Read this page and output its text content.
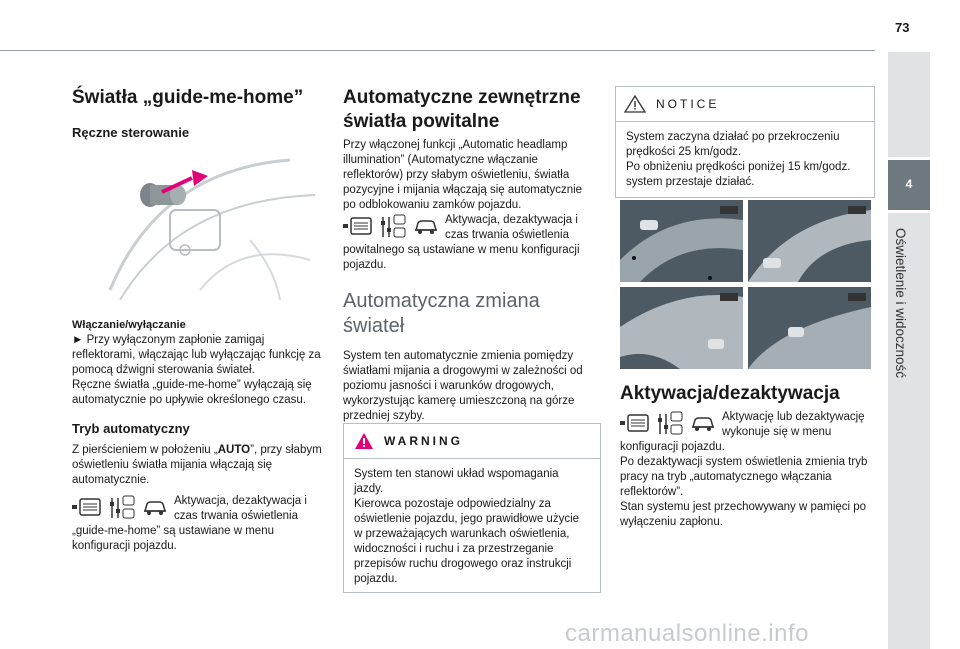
73
4
Oświetlenie i widoczność
Światła „guide-me-home”
Ręczne sterowanie

Włączanie/wyłączanie

► Przy wyłączonym zapłonie zamigaj reflektorami, włączając lub wyłączając funkcję za pomocą dźwigni sterowania świateł.

Ręczne światła „guide-me-home” wyłączają się automatycznie po upływie określonego czasu.

Tryb automatyczny

Z pierścieniem w położeniu „AUTO”, przy słabym oświetleniu światła mijania włączają się automatycznie.

Aktywacja, dezaktywacja i czas trwania oświetlenia

„guide-me-home” są ustawiane w menu konfiguracji pojazdu.

Automatyczne zewnętrzne światła powitalne

Przy włączonej funkcji „Automatic headlamp illumination” (Automatyczne włączanie reflektorów) przy słabym oświetleniu, światła pozycyjne i mijania włączają się automatycznie po odblokowaniu zamków pojazdu.

Aktywacja, dezaktywacja i czas trwania oświetlenia

powitalnego są ustawiane w menu konfiguracji pojazdu.

Automatyczna zmiana świateł

System ten automatycznie zmienia pomiędzy światłami mijania a drogowymi w zależności od poziomu jasności i warunków drogowych, wykorzystując kamerę umieszczoną na górze przedniej szyby.

WARNING

System ten stanowi układ wspomagania jazdy.

Kierowca pozostaje odpowiedzialny za oświetlenie pojazdu, jego prawidłowe użycie w przeważających warunkach oświetlenia, widoczności i ruchu i za przestrzeganie przepisów ruchu drogowego oraz instrukcji pojazdu.

NOTICE

System zaczyna działać po przekroczeniu prędkości 25 km/godz.

Po obniżeniu prędkości poniżej 15 km/godz. system przestaje działać.

Aktywacja/dezaktywacja

Aktywację lub dezaktywację wykonuje się w menu

konfiguracji pojazdu.

Po dezaktywacji system oświetlenia zmienia tryb pracy na tryb „automatycznego włączania reflektorów”.

Stan systemu jest przechowywany w pamięci po wyłączeniu zapłonu.

carmanualsonline.info
